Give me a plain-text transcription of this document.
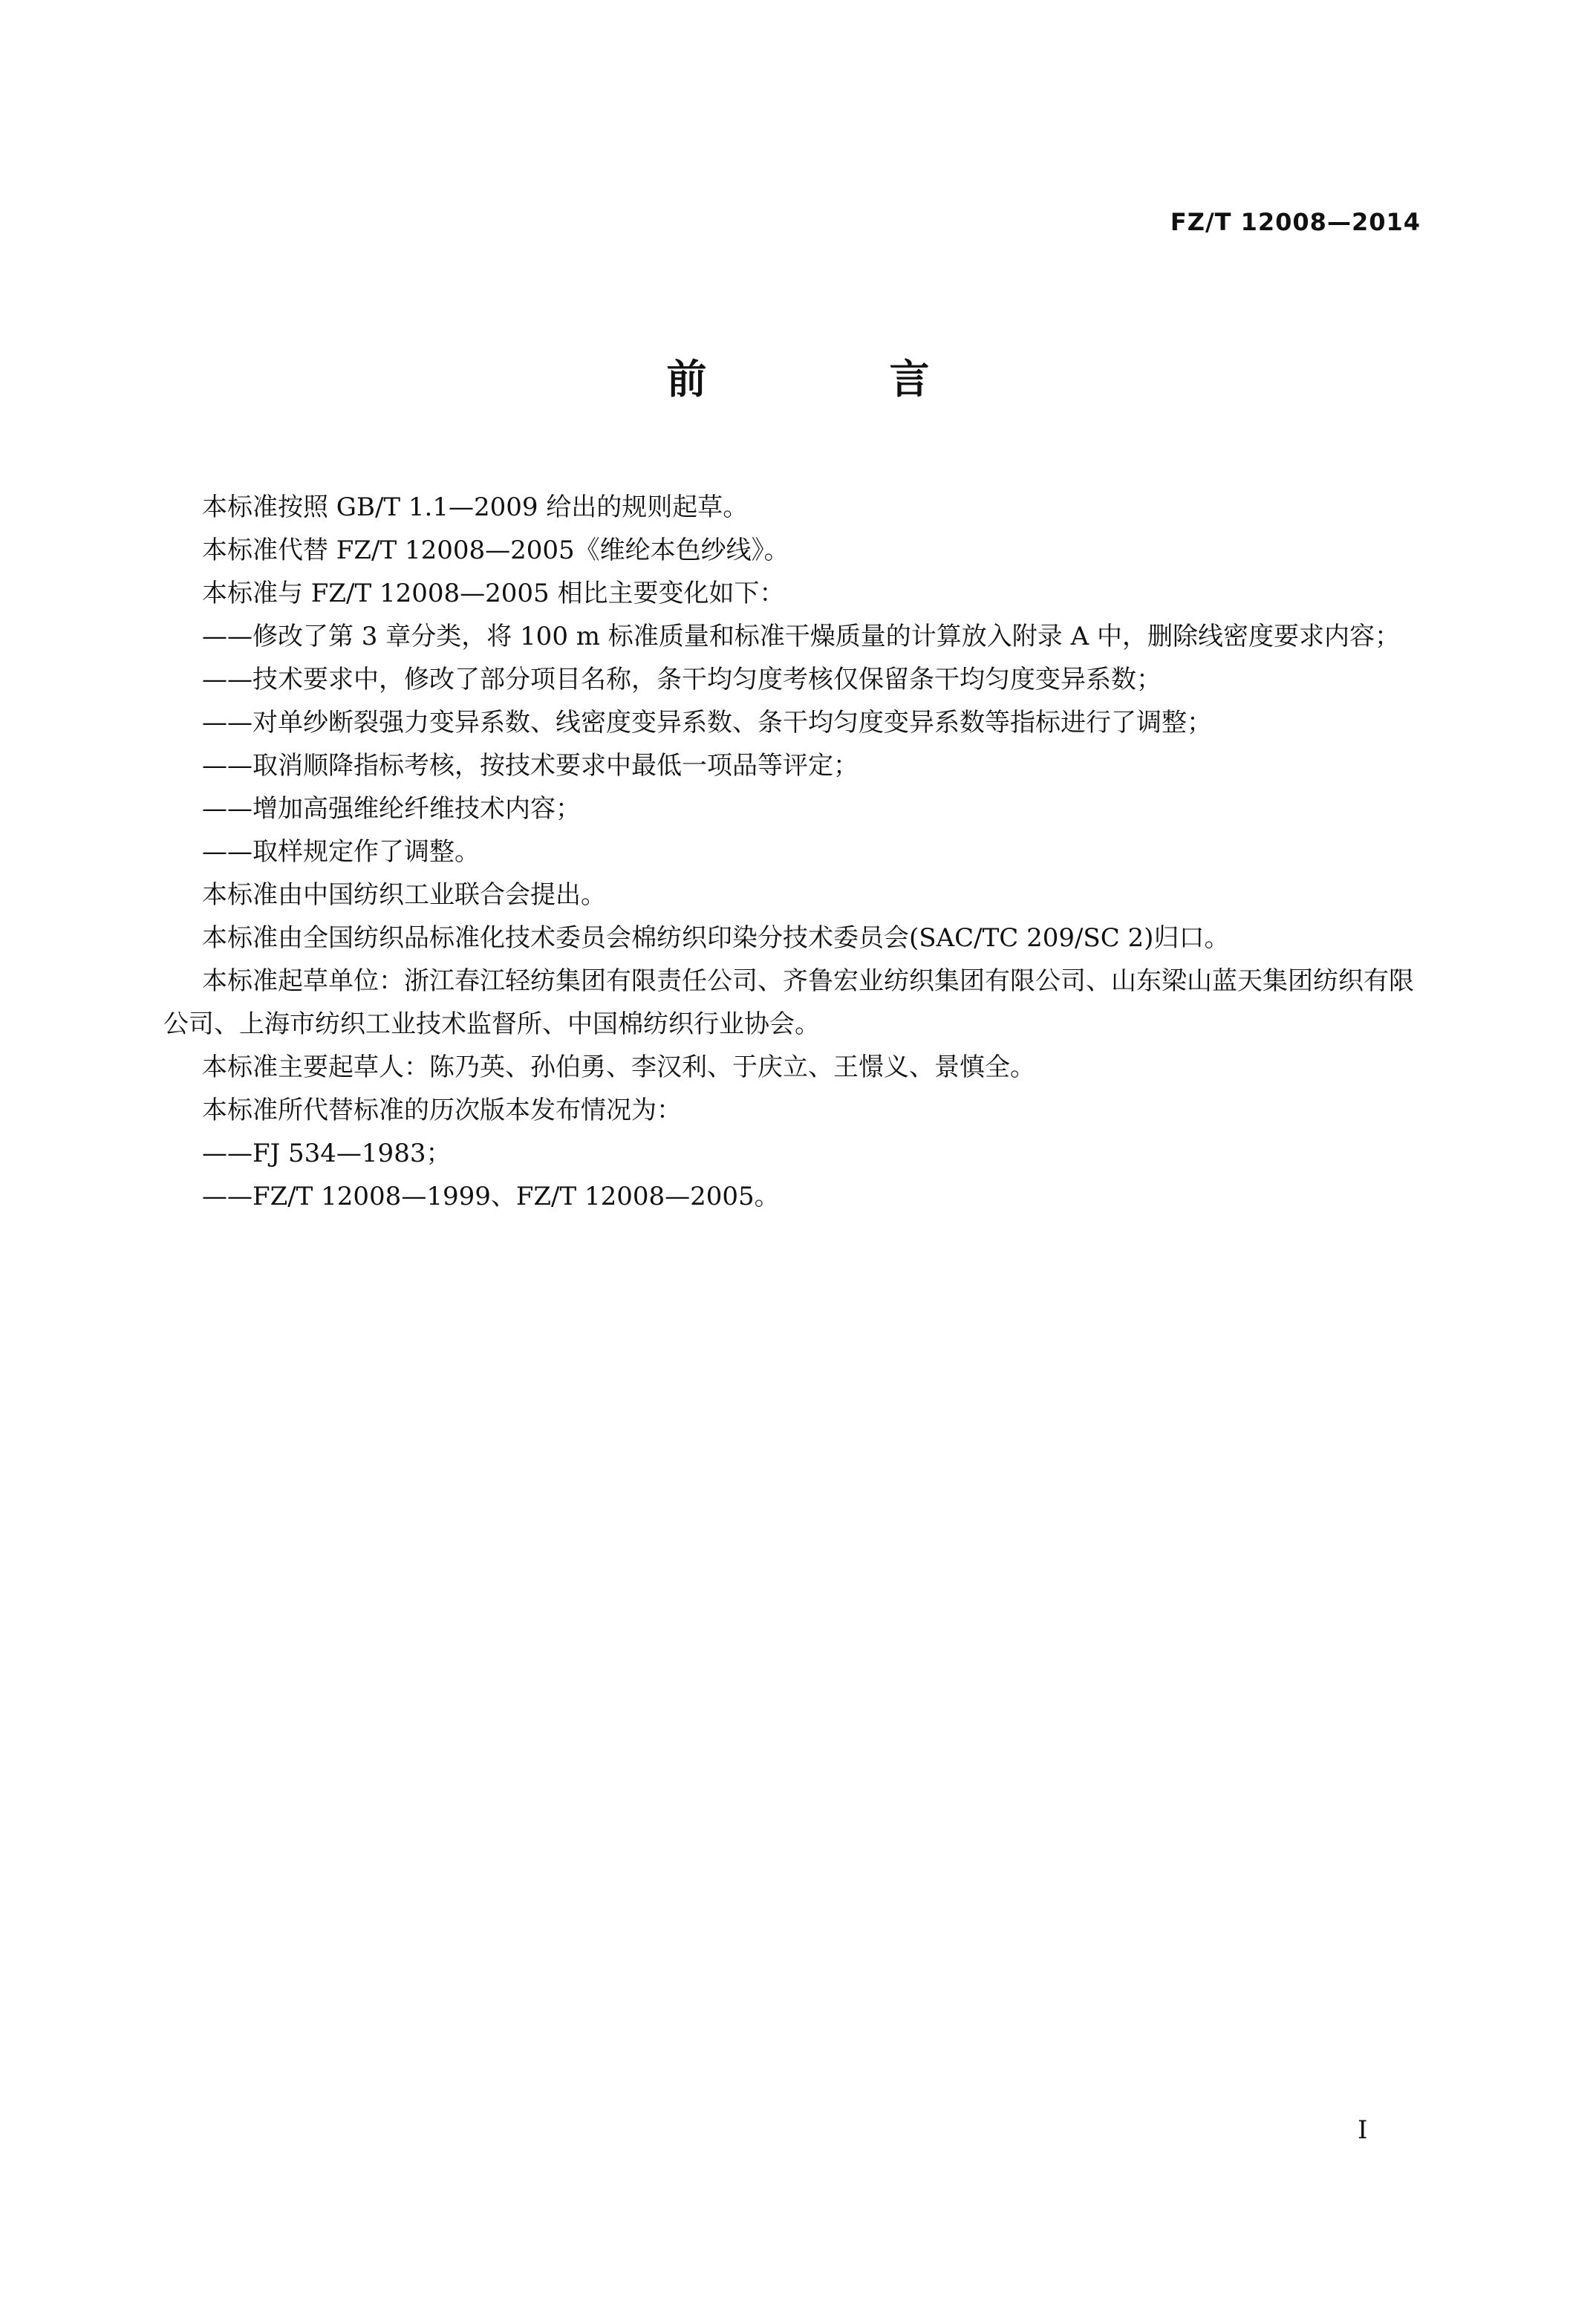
FZ/T 12008—2014
前　言

本标准按照 GB/T 1.1—2009 给出的规则起草。

本标准代替 FZ/T 12008—2005《维纶本色纱线》。

本标准与 FZ/T 12008—2005 相比主要变化如下：

——修改了第 3 章分类，将 100 m 标准质量和标准干燥质量的计算放入附录 A 中，删除线密度要求内容；

——技术要求中，修改了部分项目名称，条干均匀度考核仅保留条干均匀度变异系数；

——对单纱断裂强力变异系数、线密度变异系数、条干均匀度变异系数等指标进行了调整；

——取消顺降指标考核，按技术要求中最低一项品等评定；

——增加高强维纶纤维技术内容；

——取样规定作了调整。

本标准由中国纺织工业联合会提出。

本标准由全国纺织品标准化技术委员会棉纺织印染分技术委员会(SAC/TC 209/SC 2)归口。

本标准起草单位：浙江春江轻纺集团有限责任公司、齐鲁宏业纺织集团有限公司、山东梁山蓝天集团纺织有限公司、上海市纺织工业技术监督所、中国棉纺织行业协会。

本标准主要起草人：陈乃英、孙伯勇、李汉利、于庆立、王憬义、景慎全。

本标准所代替标准的历次版本发布情况为：

——FJ 534—1983；

——FZ/T 12008—1999、FZ/T 12008—2005。

I
